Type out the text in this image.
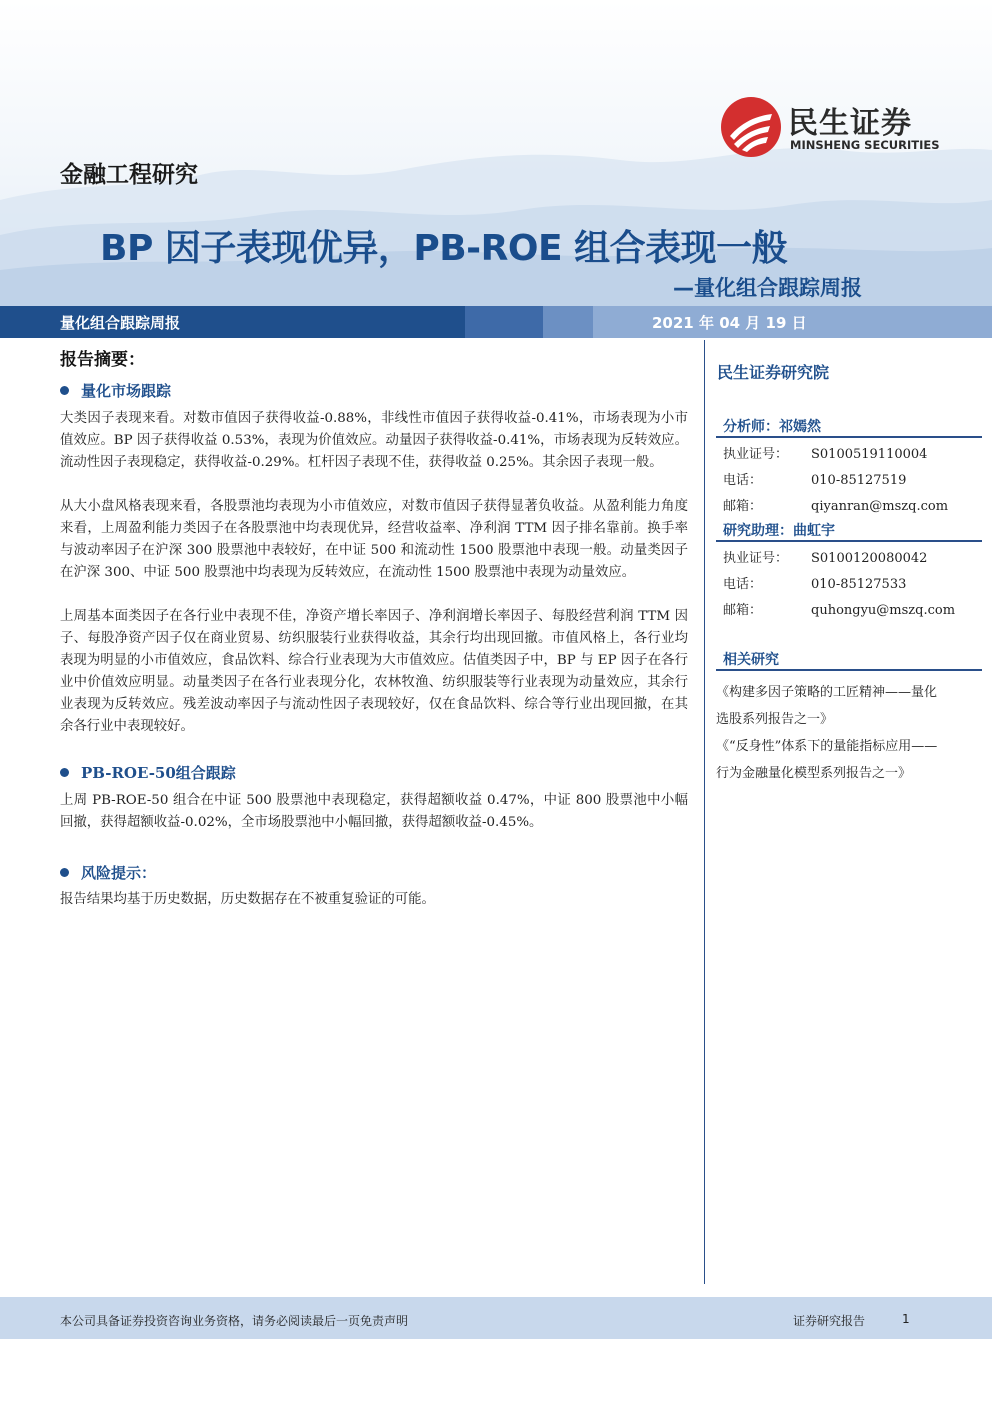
民生证券
MINSHENG SECURITIES
金融工程研究
BP 因子表现优异，PB-ROE 组合表现一般
—量化组合跟踪周报
量化组合跟踪周报	2021 年 04 月 19 日
报告摘要：
量化市场跟踪
大类因子表现来看。对数市值因子获得收益-0.88%，非线性市值因子获得收益-0.41%，市场表现为小市值效应。BP 因子获得收益 0.53%，表现为价值效应。动量因子获得收益-0.41%，市场表现为反转效应。流动性因子表现稳定，获得收益-0.29%。杠杆因子表现不佳，获得收益 0.25%。其余因子表现一般。
从大小盘风格表现来看，各股票池均表现为小市值效应，对数市值因子获得显著负收益。从盈利能力角度来看，上周盈利能力类因子在各股票池中均表现优异，经营收益率、净利润 TTM 因子排名靠前。换手率与波动率因子在沪深 300 股票池中表较好，在中证 500 和流动性 1500 股票池中表现一般。动量类因子在沪深 300、中证 500 股票池中均表现为反转效应，在流动性 1500 股票池中表现为动量效应。
上周基本面类因子在各行业中表现不佳，净资产增长率因子、净利润增长率因子、每股经营利润 TTM 因子、每股净资产因子仅在商业贸易、纺织服装行业获得收益，其余行均出现回撤。市值风格上，各行业均表现为明显的小市值效应，食品饮料、综合行业表现为大市值效应。估值类因子中，BP 与 EP 因子在各行业中价值效应明显。动量类因子在各行业表现分化，农林牧渔、纺织服装等行业表现为动量效应，其余行业表现为反转效应。残差波动率因子与流动性因子表现较好，仅在食品饮料、综合等行业出现回撤，在其余各行业中表现较好。
PB-ROE-50组合跟踪
上周 PB-ROE-50 组合在中证 500 股票池中表现稳定，获得超额收益 0.47%，中证 800 股票池中小幅回撤，获得超额收益-0.02%，全市场股票池中小幅回撤，获得超额收益-0.45%。
风险提示：
报告结果均基于历史数据，历史数据存在不被重复验证的可能。
民生证券研究院
分析师：祁嫣然
执业证号： S0100519110004
电话：	010-85127519
邮箱：	qiyanran@mszq.com
研究助理：曲虹宇
执业证号： S0100120080042
电话：	010-85127533
邮箱：	quhongyu@mszq.com
相关研究
《构建多因子策略的工匠精神——量化
选股系列报告之一》
《“反身性”体系下的量能指标应用——
行为金融量化模型系列报告之一》
本公司具备证券投资咨询业务资格，请务必阅读最后一页免责声明	证券研究报告	1
